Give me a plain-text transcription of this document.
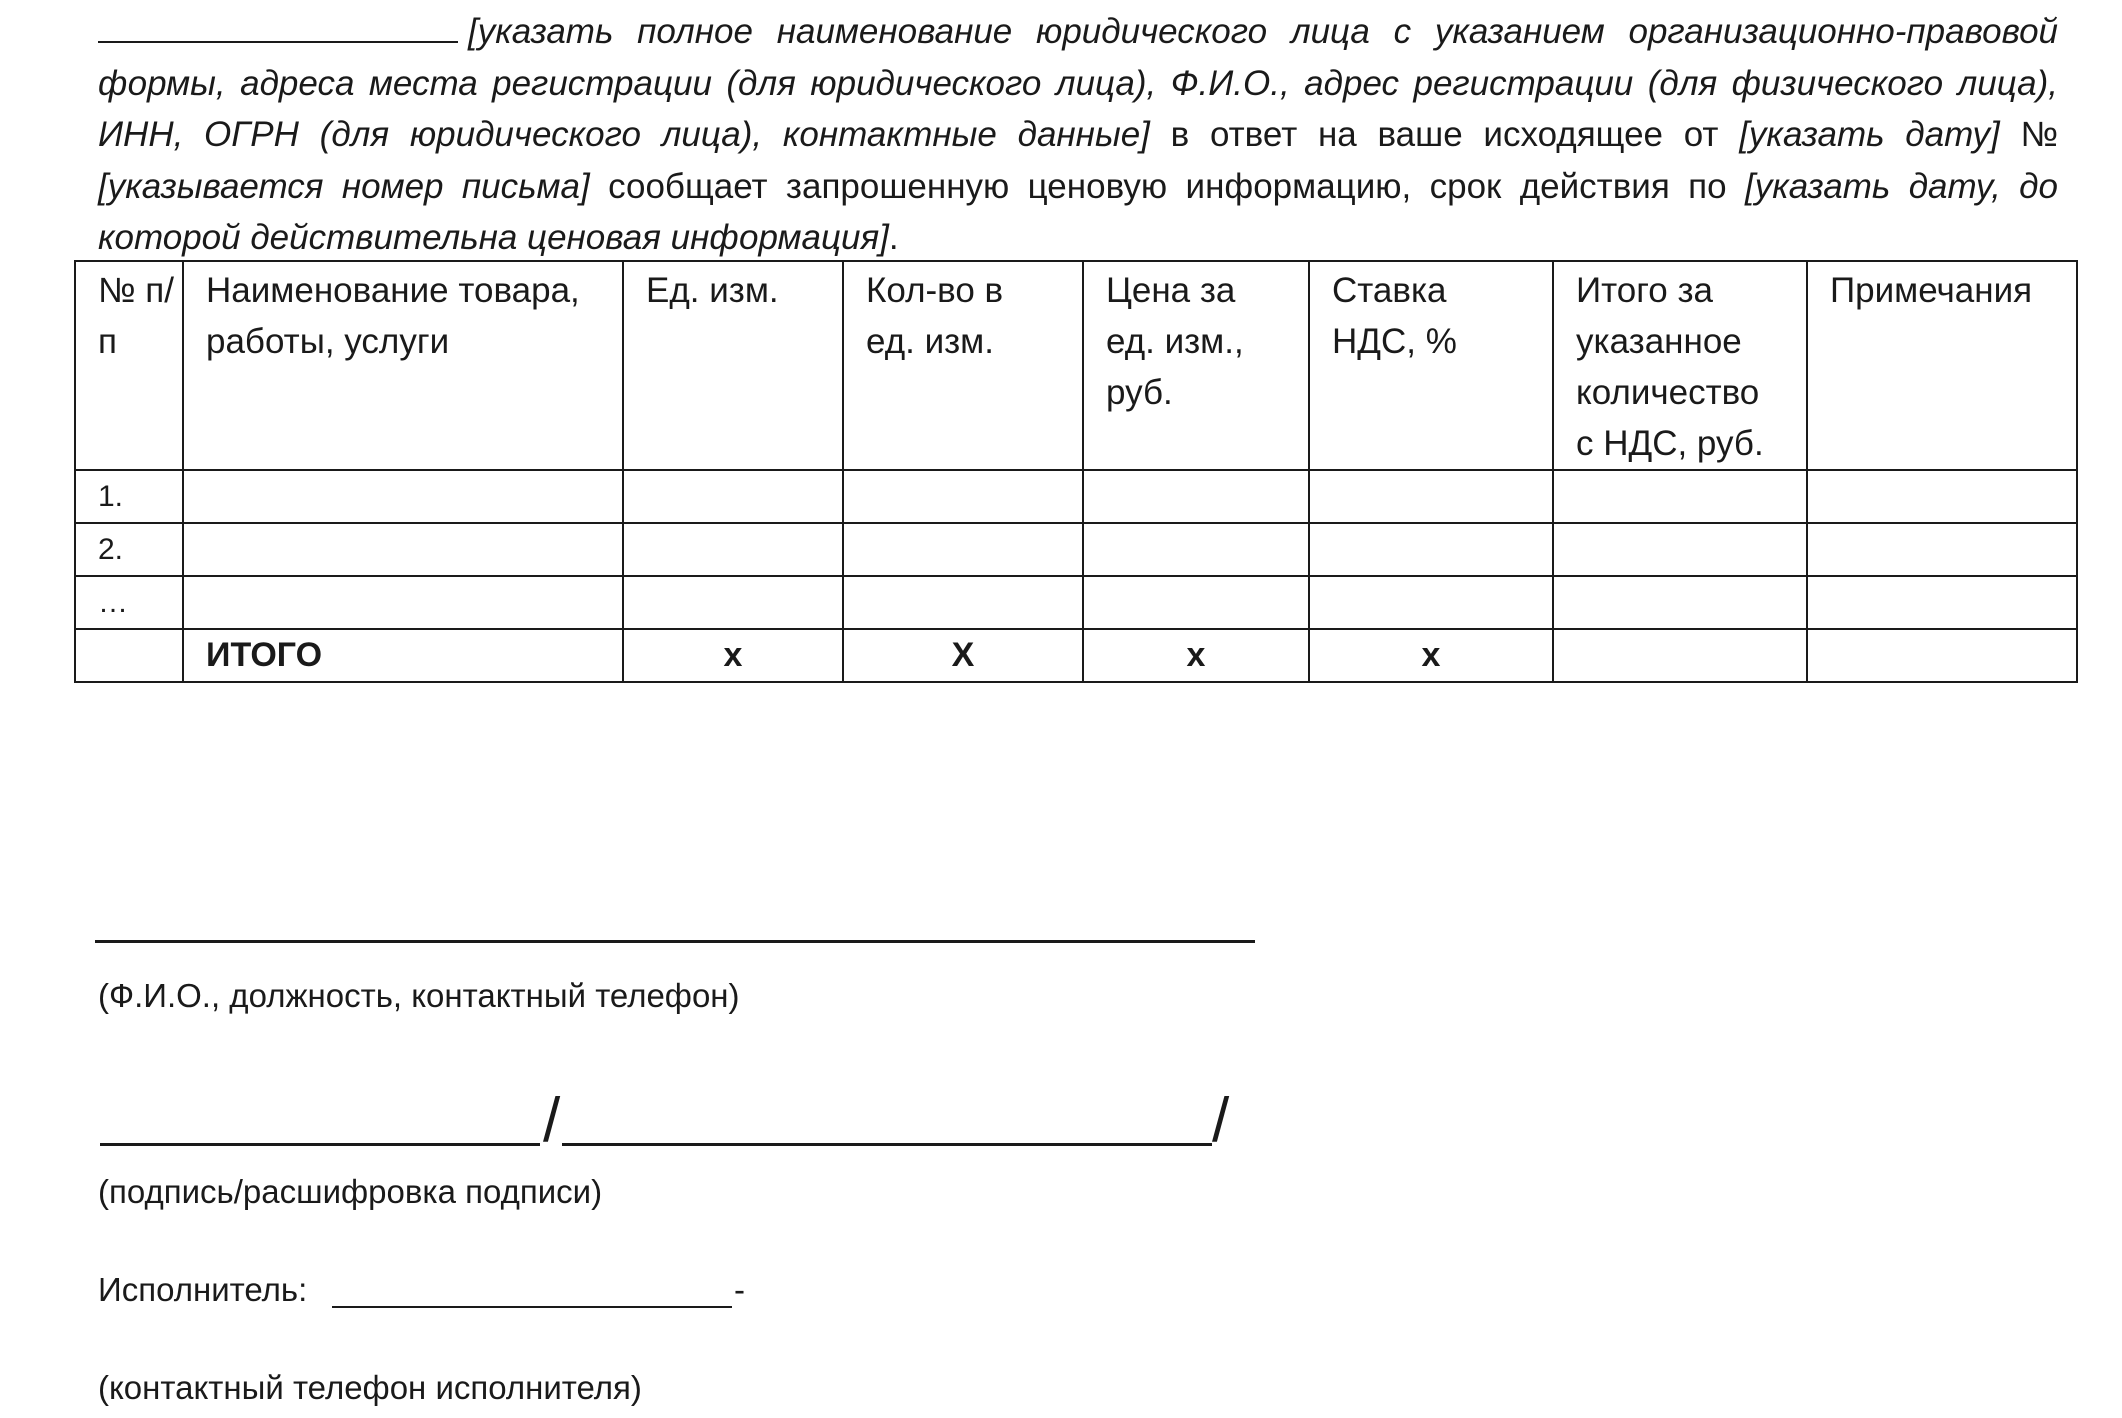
[указать полное наименование юридического лица с указанием организационно-правовой формы, адреса места регистрации (для юридического лица), Ф.И.О., адрес регистрации (для физического лица), ИНН, ОГРН (для юридического лица), контактные данные] в ответ на ваше исходящее от [указать дату] № [указывается номер письма] сообщает запрошенную ценовую информацию, срок действия по [указать дату, до которой действительна ценовая информация].

№ п/п	Наименование товара, работы, услуги	Ед. изм.	Кол-во в ед. изм.	Цена за ед. изм., руб.	Ставка НДС, %	Итого за указанное количество с НДС, руб.	Примечания
1.							
2.							
…							
	ИТОГО	x	X	x	x		

(Ф.И.О., должность, контактный телефон)

/	/

(подпись/расшифровка подписи)

Исполнитель:	-

(контактный телефон исполнителя)
